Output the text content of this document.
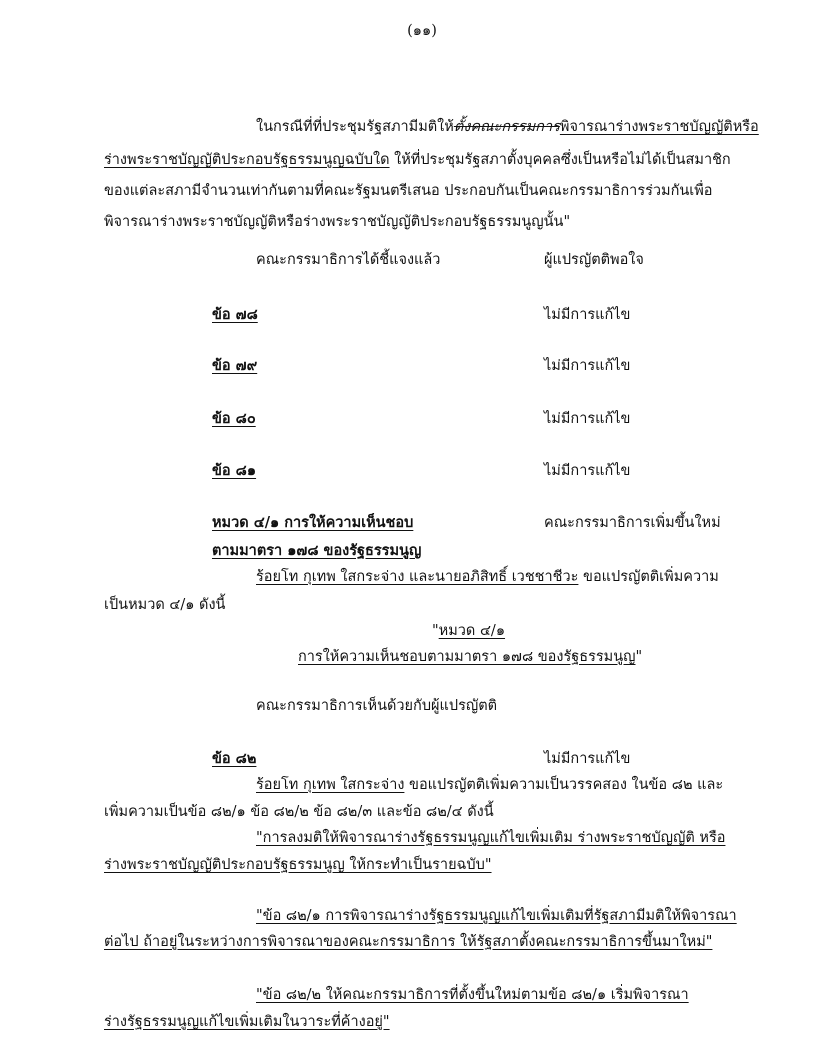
(๑๑)
ในกรณีที่ที่ประชุมรัฐสภามีมติให้ตั้งคณะกรรมการพิจารณาร่างพระราชบัญญัติหรือ
ร่างพระราชบัญญัติประกอบรัฐธรรมนูญฉบับใด ให้ที่ประชุมรัฐสภาตั้งบุคคลซึ่งเป็นหรือไม่ได้เป็นสมาชิก
ของแต่ละสภามีจำนวนเท่ากันตามที่คณะรัฐมนตรีเสนอ ประกอบกันเป็นคณะกรรมาธิการร่วมกันเพื่อ
พิจารณาร่างพระราชบัญญัติหรือร่างพระราชบัญญัติประกอบรัฐธรรมนูญนั้น"
คณะกรรมาธิการได้ชี้แจงแล้ว	ผู้แปรญัตติพอใจ
ข้อ ๗๘	ไม่มีการแก้ไข
ข้อ ๗๙	ไม่มีการแก้ไข
ข้อ ๘๐	ไม่มีการแก้ไข
ข้อ ๘๑	ไม่มีการแก้ไข
หมวด ๔/๑ การให้ความเห็นชอบ	คณะกรรมาธิการเพิ่มขึ้นใหม่
ตามมาตรา ๑๗๘ ของรัฐธรรมนูญ
ร้อยโท กุเทพ ใสกระจ่าง และนายอภิสิทธิ์ เวชชาชีวะ ขอแปรญัตติเพิ่มความ
เป็นหมวด ๔/๑ ดังนี้
"หมวด ๔/๑
การให้ความเห็นชอบตามมาตรา ๑๗๘ ของรัฐธรรมนูญ"
คณะกรรมาธิการเห็นด้วยกับผู้แปรญัตติ
ข้อ ๘๒	ไม่มีการแก้ไข
ร้อยโท กุเทพ ใสกระจ่าง ขอแปรญัตติเพิ่มความเป็นวรรคสอง ในข้อ ๘๒ และ
เพิ่มความเป็นข้อ ๘๒/๑ ข้อ ๘๒/๒ ข้อ ๘๒/๓ และข้อ ๘๒/๔ ดังนี้
"การลงมติให้พิจารณาร่างรัฐธรรมนูญแก้ไขเพิ่มเติม ร่างพระราชบัญญัติ หรือ
ร่างพระราชบัญญัติประกอบรัฐธรรมนูญ ให้กระทำเป็นรายฉบับ"
"ข้อ ๘๒/๑ การพิจารณาร่างรัฐธรรมนูญแก้ไขเพิ่มเติมที่รัฐสภามีมติให้พิจารณา
ต่อไป ถ้าอยู่ในระหว่างการพิจารณาของคณะกรรมาธิการ ให้รัฐสภาตั้งคณะกรรมาธิการขึ้นมาใหม่"
"ข้อ ๘๒/๒ ให้คณะกรรมาธิการที่ตั้งขึ้นใหม่ตามข้อ ๘๒/๑ เริ่มพิจารณา
ร่างรัฐธรรมนูญแก้ไขเพิ่มเติมในวาระที่ค้างอยู่"
